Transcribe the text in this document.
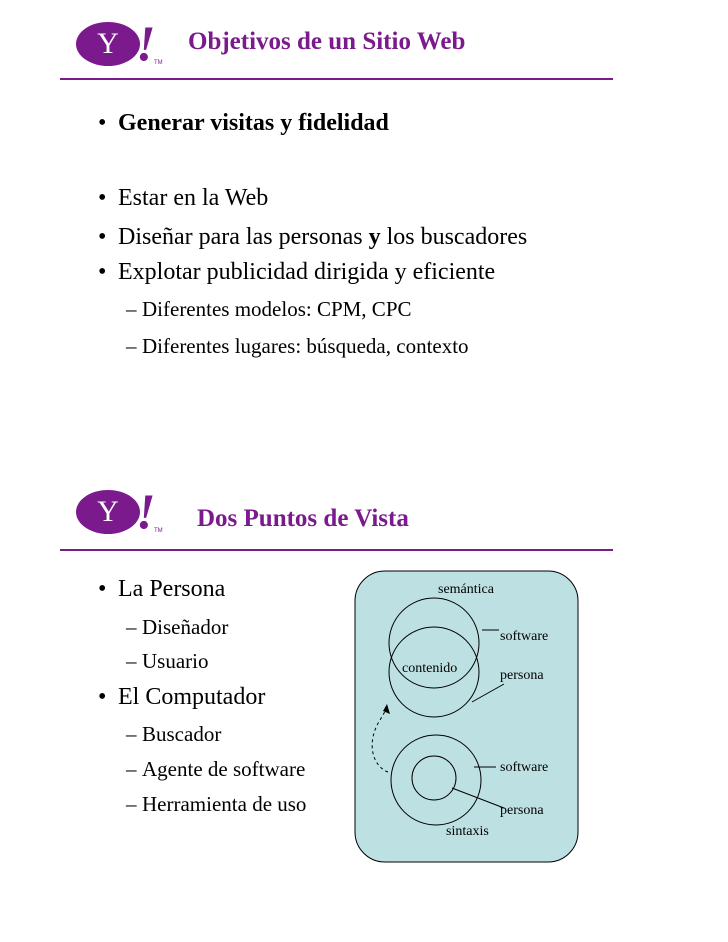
Y !
TM
Objetivos de un Sitio Web
• Generar visitas y fidelidad
• Estar en la Web
• Diseñar para las personas y los buscadores
• Explotar publicidad dirigida y eficiente
– Diferentes modelos: CPM, CPC
– Diferentes lugares: búsqueda, contexto
Y !
TM Dos Puntos de Vista
• La Persona
– Diseñador
– Usuario
• El Computador
– Buscador
– Agente de software
– Herramienta de uso
semántica
software
contenido	persona
software
persona
sintaxis
